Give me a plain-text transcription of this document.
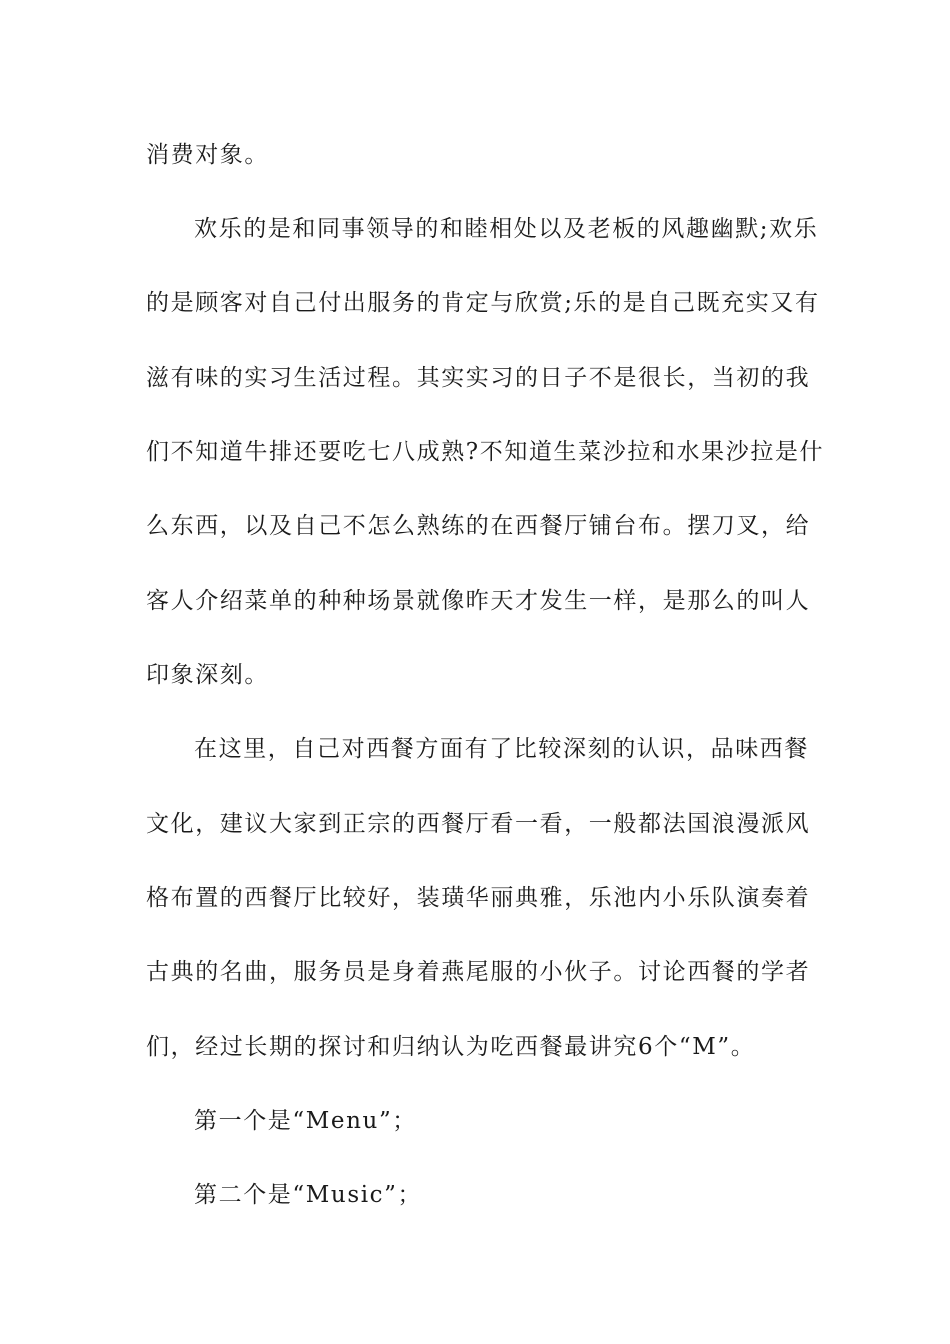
消费对象。

欢乐的是和同事领导的和睦相处以及老板的风趣幽默;欢乐

的是顾客对自己付出服务的肯定与欣赏;乐的是自己既充实又有

滋有味的实习生活过程。其实实习的日子不是很长，当初的我

们不知道牛排还要吃七八成熟?不知道生菜沙拉和水果沙拉是什

么东西，以及自己不怎么熟练的在西餐厅铺台布。摆刀叉，给

客人介绍菜单的种种场景就像昨天才发生一样，是那么的叫人

印象深刻。

在这里，自己对西餐方面有了比较深刻的认识，品味西餐

文化，建议大家到正宗的西餐厅看一看，一般都法国浪漫派风

格布置的西餐厅比较好，装璜华丽典雅，乐池内小乐队演奏着

古典的名曲，服务员是身着燕尾服的小伙子。讨论西餐的学者

们，经过长期的探讨和归纳认为吃西餐最讲究6个“M”。

第一个是“Menu”；

第二个是“Music”；
